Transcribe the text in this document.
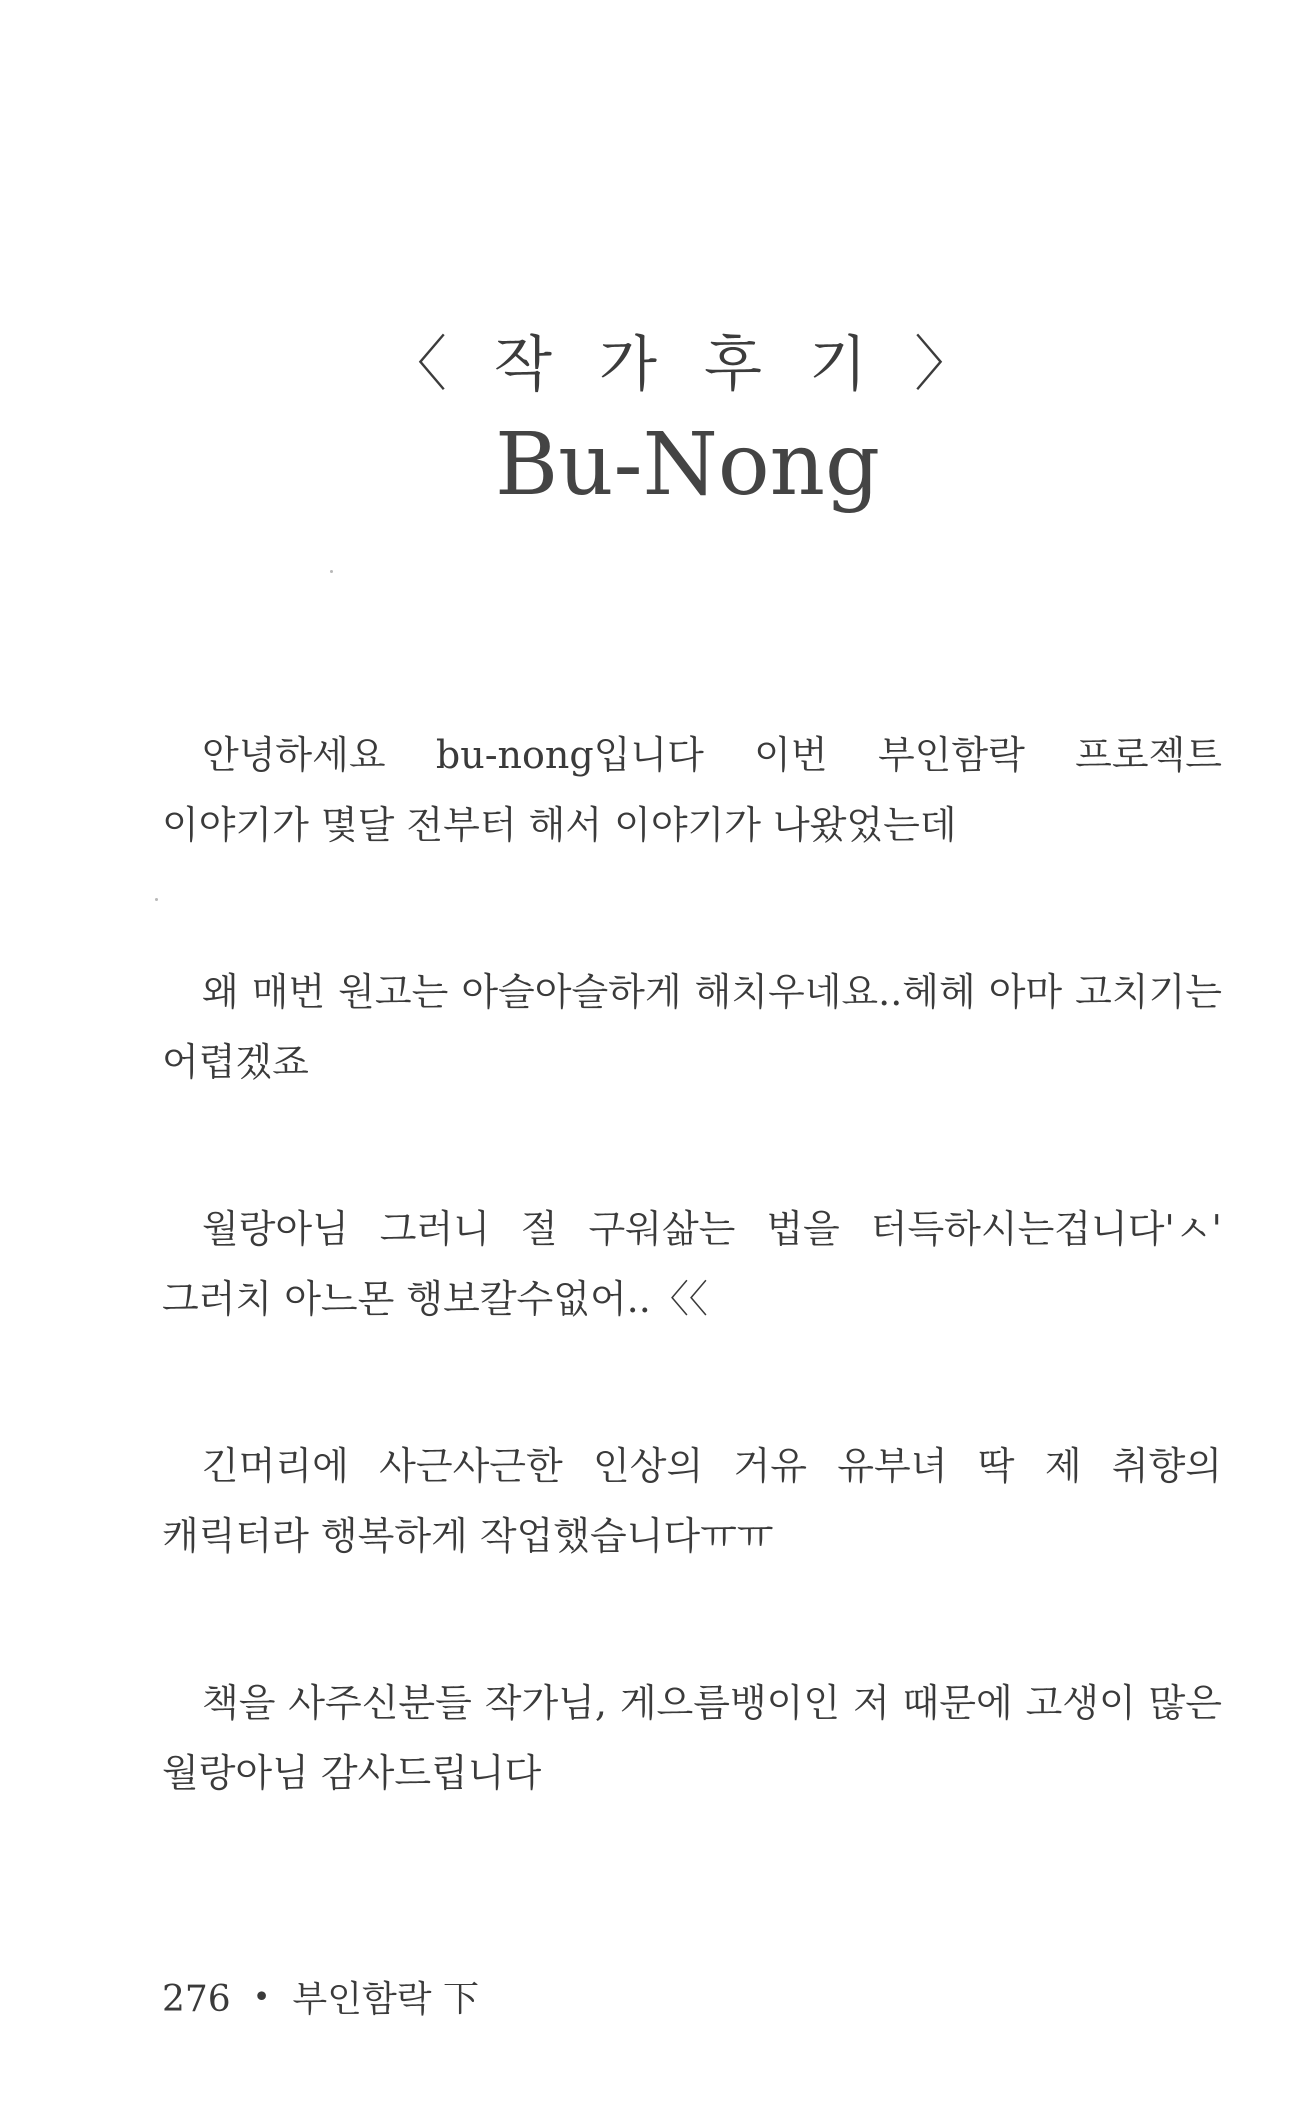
〈 작 가 후 기 〉
Bu-Nong

안녕하세요 bu-nong입니다 이번 부인함락 프로젝트 이야기가 몇달 전부터 해서 이야기가 나왔었는데

왜 매번 원고는 아슬아슬하게 해치우네요..헤헤 아마 고치기는 어렵겠죠

월랑아님 그러니 절 구워삶는 법을 터득하시는겁니다'ㅅ' 그러치 아느몬 행보칼수없어..〈〈

긴머리에 사근사근한 인상의 거유 유부녀 딱 제 취향의 캐릭터라 행복하게 작업했습니다ㅠㅠ

책을 사주신분들 작가님, 게으름뱅이인 저 때문에 고생이 많은 월랑아님 감사드립니다

276 • 부인함락 下
